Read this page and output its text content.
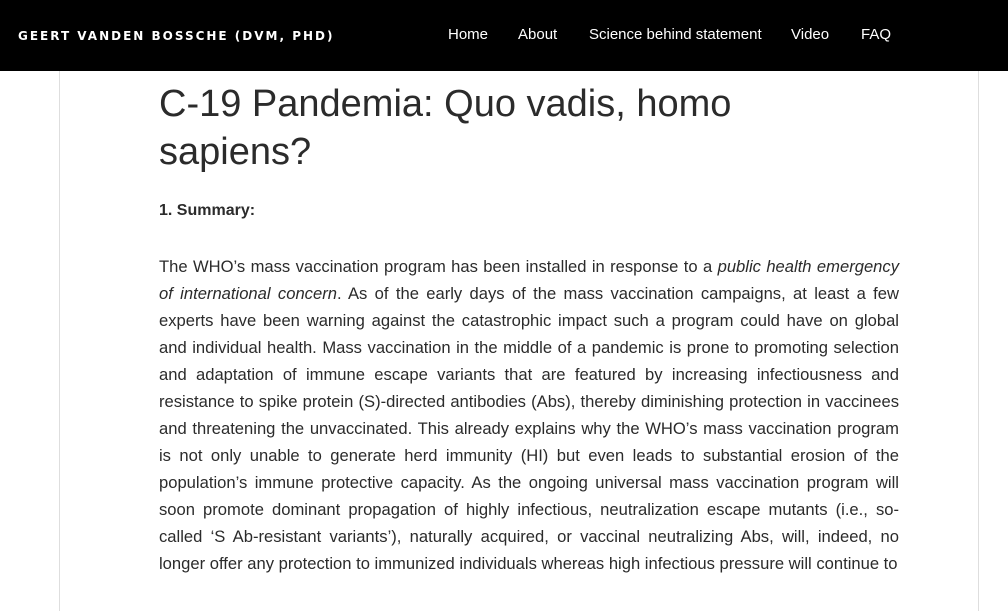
GEERT VANDEN BOSSCHE (DVM, PHD)	Home About Science behind statement Video FAQ
C-19 Pandemia: Quo vadis, homo sapiens?
1. Summary:

The WHO’s mass vaccination program has been installed in response to a public health emergency of international concern. As of the early days of the mass vaccination campaigns, at least a few experts have been warning against the catastrophic impact such a program could have on global and individual health. Mass vaccination in the middle of a pandemic is prone to promoting selection and adaptation of immune escape variants that are featured by increasing infectiousness and resistance to spike protein (S)-directed antibodies (Abs), thereby diminishing protection in vaccinees and threatening the unvaccinated. This already explains why the WHO’s mass vaccination program is not only unable to generate herd immunity (HI) but even leads to substantial erosion of the population’s immune protective capacity. As the ongoing universal mass vaccination program will soon promote dominant propagation of highly infectious, neutralization escape mutants (i.e., so-called ‘S Ab-resistant variants’), naturally acquired, or vaccinal neutralizing Abs, will, indeed, no longer offer any protection to immunized individuals whereas high infectious pressure will continue to
